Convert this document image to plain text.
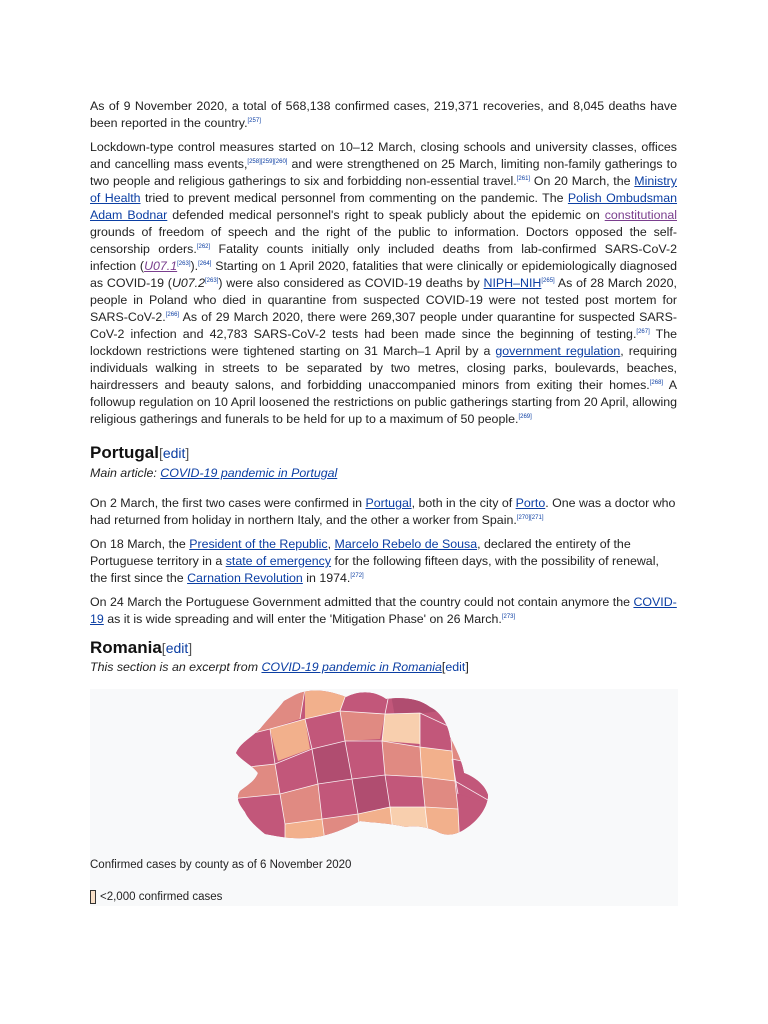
As of 9 November 2020, a total of 568,138 confirmed cases, 219,371 recoveries, and 8,045 deaths have been reported in the country.[257]

Lockdown-type control measures started on 10–12 March, closing schools and university classes, offices and cancelling mass events,[258][259][260] and were strengthened on 25 March, limiting non-family gatherings to two people and religious gatherings to six and forbidding non-essential travel.[261] On 20 March, the Ministry of Health tried to prevent medical personnel from commenting on the pandemic. The Polish Ombudsman Adam Bodnar defended medical personnel's right to speak publicly about the epidemic on constitutional grounds of freedom of speech and the right of the public to information. Doctors opposed the self-censorship orders.[262] Fatality counts initially only included deaths from lab-confirmed SARS-CoV-2 infection (U07.1[263]).[264] Starting on 1 April 2020, fatalities that were clinically or epidemiologically diagnosed as COVID-19 (U07.2[263]) were also considered as COVID-19 deaths by NIPH–NIH[265] As of 28 March 2020, people in Poland who died in quarantine from suspected COVID-19 were not tested post mortem for SARS-CoV-2.[266] As of 29 March 2020, there were 269,307 people under quarantine for suspected SARS-CoV-2 infection and 42,783 SARS-CoV-2 tests had been made since the beginning of testing.[267] The lockdown restrictions were tightened starting on 31 March–1 April by a government regulation, requiring individuals walking in streets to be separated by two metres, closing parks, boulevards, beaches, hairdressers and beauty salons, and forbidding unaccompanied minors from exiting their homes.[268] A followup regulation on 10 April loosened the restrictions on public gatherings starting from 20 April, allowing religious gatherings and funerals to be held for up to a maximum of 50 people.[269]

Portugal[edit]
Main article: COVID-19 pandemic in Portugal

On 2 March, the first two cases were confirmed in Portugal, both in the city of Porto. One was a doctor who had returned from holiday in northern Italy, and the other a worker from Spain.[270][271]

On 18 March, the President of the Republic, Marcelo Rebelo de Sousa, declared the entirety of the Portuguese territory in a state of emergency for the following fifteen days, with the possibility of renewal, the first since the Carnation Revolution in 1974.[272]

On 24 March the Portuguese Government admitted that the country could not contain anymore the COVID-19 as it is wide spreading and will enter the 'Mitigation Phase' on 26 March.[273]

Romania[edit]
This section is an excerpt from COVID-19 pandemic in Romania[edit]
Confirmed cases by county as of 6 November 2020
<2,000 confirmed cases
